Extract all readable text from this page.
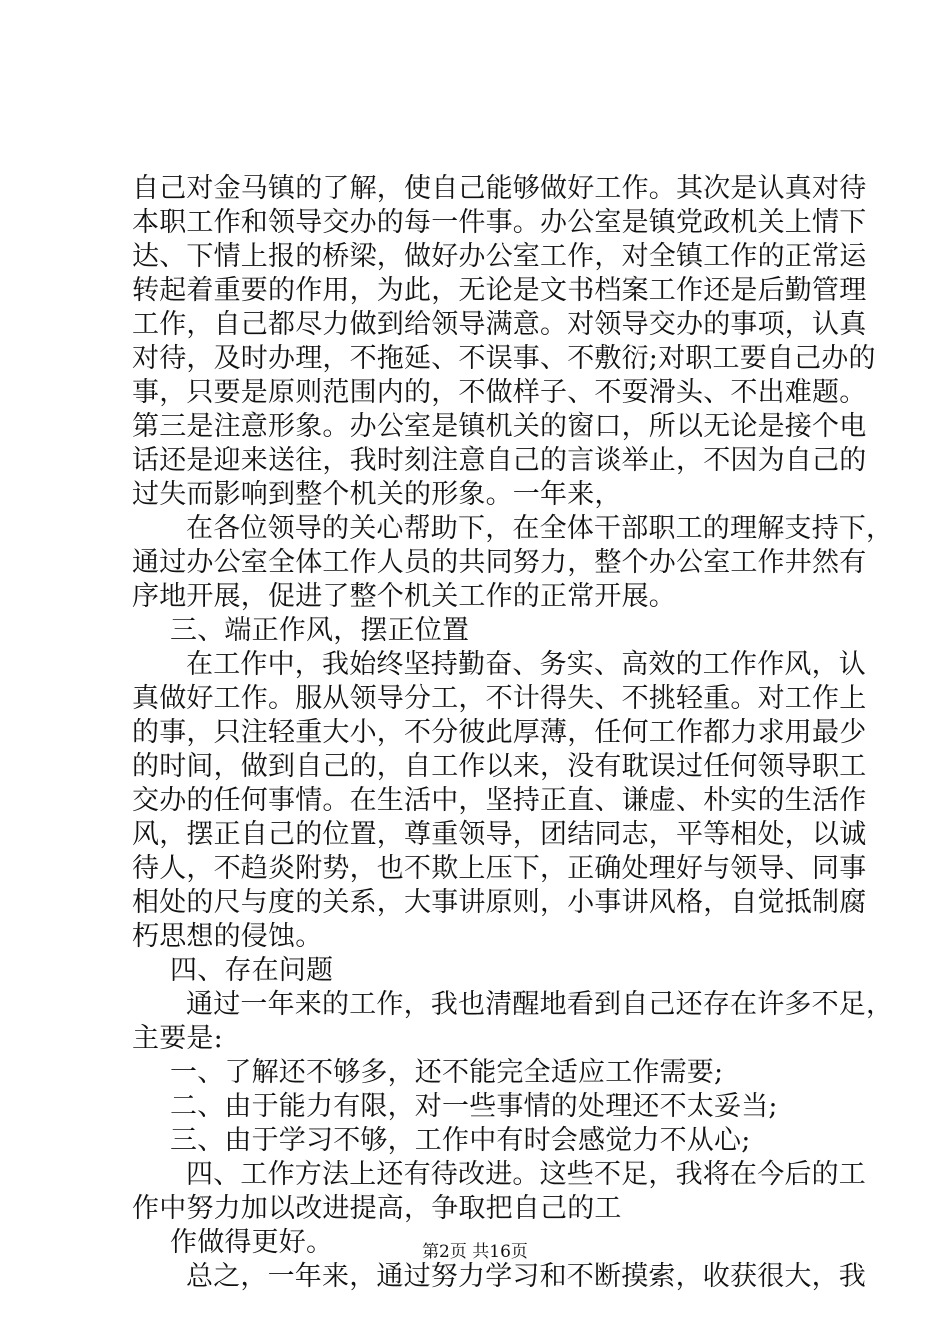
自己对金马镇的了解，使自己能够做好工作。其次是认真对待
本职工作和领导交办的每一件事。办公室是镇党政机关上情下
达、下情上报的桥梁，做好办公室工作，对全镇工作的正常运
转起着重要的作用，为此，无论是文书档案工作还是后勤管理
工作，自己都尽力做到给领导满意。对领导交办的事项，认真
对待，及时办理，不拖延、不误事、不敷衍;对职工要自己办的
事，只要是原则范围内的，不做样子、不耍滑头、不出难题。
第三是注意形象。办公室是镇机关的窗口，所以无论是接个电
话还是迎来送往，我时刻注意自己的言谈举止，不因为自己的
过失而影响到整个机关的形象。一年来，
在各位领导的关心帮助下，在全体干部职工的理解支持下，
通过办公室全体工作人员的共同努力，整个办公室工作井然有
序地开展，促进了整个机关工作的正常开展。
三、端正作风，摆正位置
在工作中，我始终坚持勤奋、务实、高效的工作作风，认
真做好工作。服从领导分工，不计得失、不挑轻重。对工作上
的事，只注轻重大小，不分彼此厚薄，任何工作都力求用最少
的时间，做到自己的，自工作以来，没有耽误过任何领导职工
交办的任何事情。在生活中，坚持正直、谦虚、朴实的生活作
风，摆正自己的位置，尊重领导，团结同志，平等相处，以诚
待人，不趋炎附势，也不欺上压下，正确处理好与领导、同事
相处的尺与度的关系，大事讲原则，小事讲风格，自觉抵制腐
朽思想的侵蚀。
四、存在问题
通过一年来的工作，我也清醒地看到自己还存在许多不足，
主要是:
一、了解还不够多，还不能完全适应工作需要;
二、由于能力有限，对一些事情的处理还不太妥当;
三、由于学习不够，工作中有时会感觉力不从心;
四、工作方法上还有待改进。这些不足，我将在今后的工
作中努力加以改进提高，争取把自己的工
作做得更好。
总之，一年来，通过努力学习和不断摸索，收获很大，我
第2页 共16页
